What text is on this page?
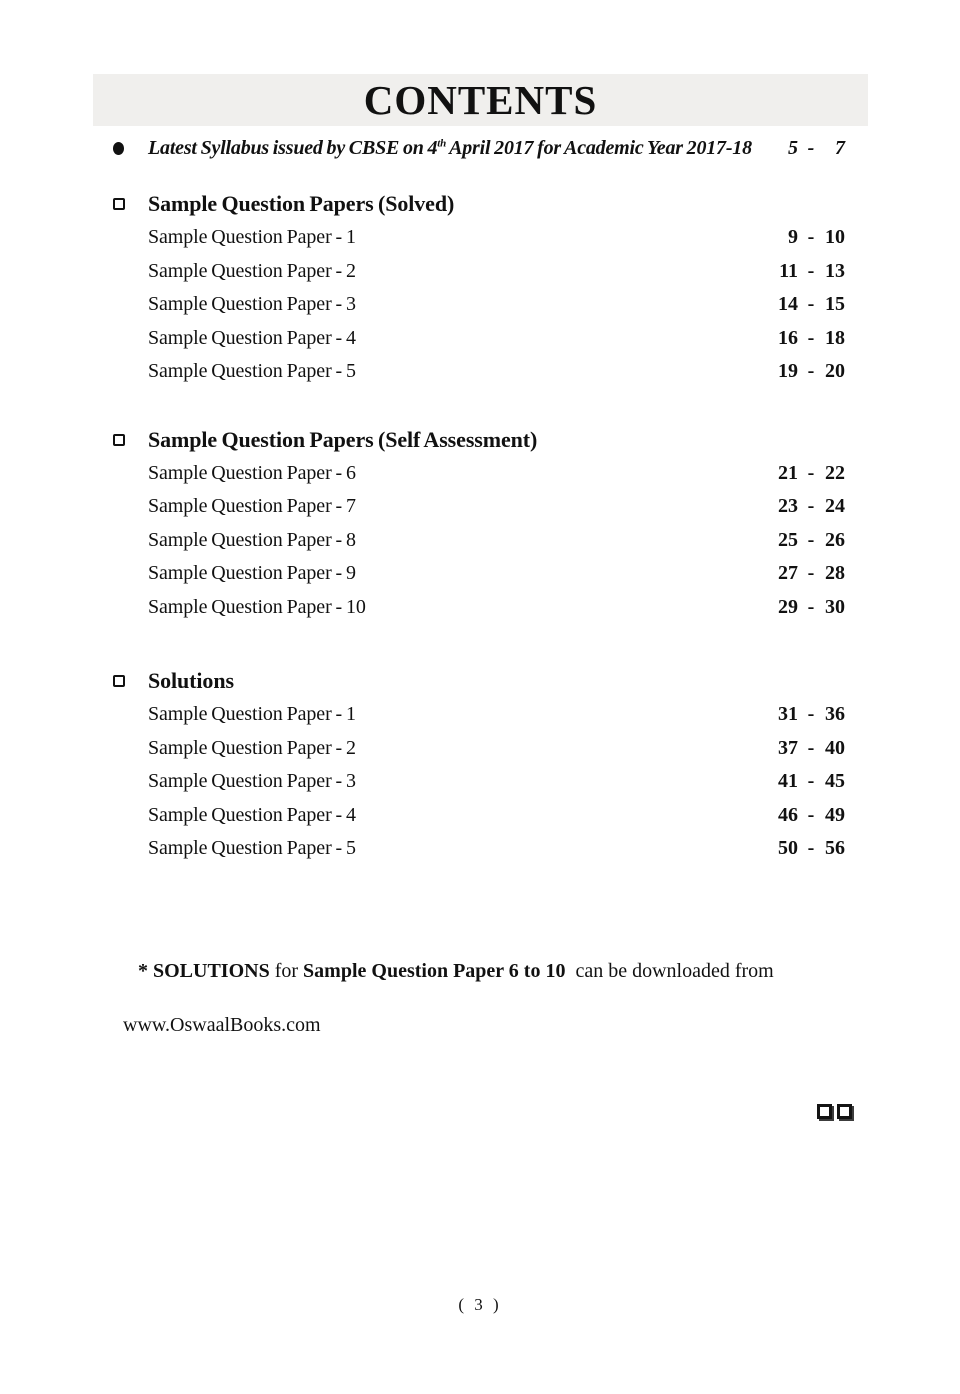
CONTENTS
Latest Syllabus issued by CBSE on 4th April 2017 for Academic Year 2017-18	5 -	7
Sample Question Papers (Solved)
Sample Question Paper - 1	9 - 10
Sample Question Paper - 2	11 - 13
Sample Question Paper - 3	14 - 15
Sample Question Paper - 4	16 - 18
Sample Question Paper - 5	19 - 20
Sample Question Papers (Self Assessment)
Sample Question Paper - 6	21 - 22
Sample Question Paper - 7	23 - 24
Sample Question Paper - 8	25 - 26
Sample Question Paper - 9	27 - 28
Sample Question Paper - 10	29 - 30
Solutions
Sample Question Paper - 1	31 - 36
Sample Question Paper - 2	37 - 40
Sample Question Paper - 3	41 - 45
Sample Question Paper - 4	46 - 49
Sample Question Paper - 5	50 - 56

* SOLUTIONS for Sample Question Paper 6 to 10  can be downloaded from

www.OswaalBooks.com

( 3 )
